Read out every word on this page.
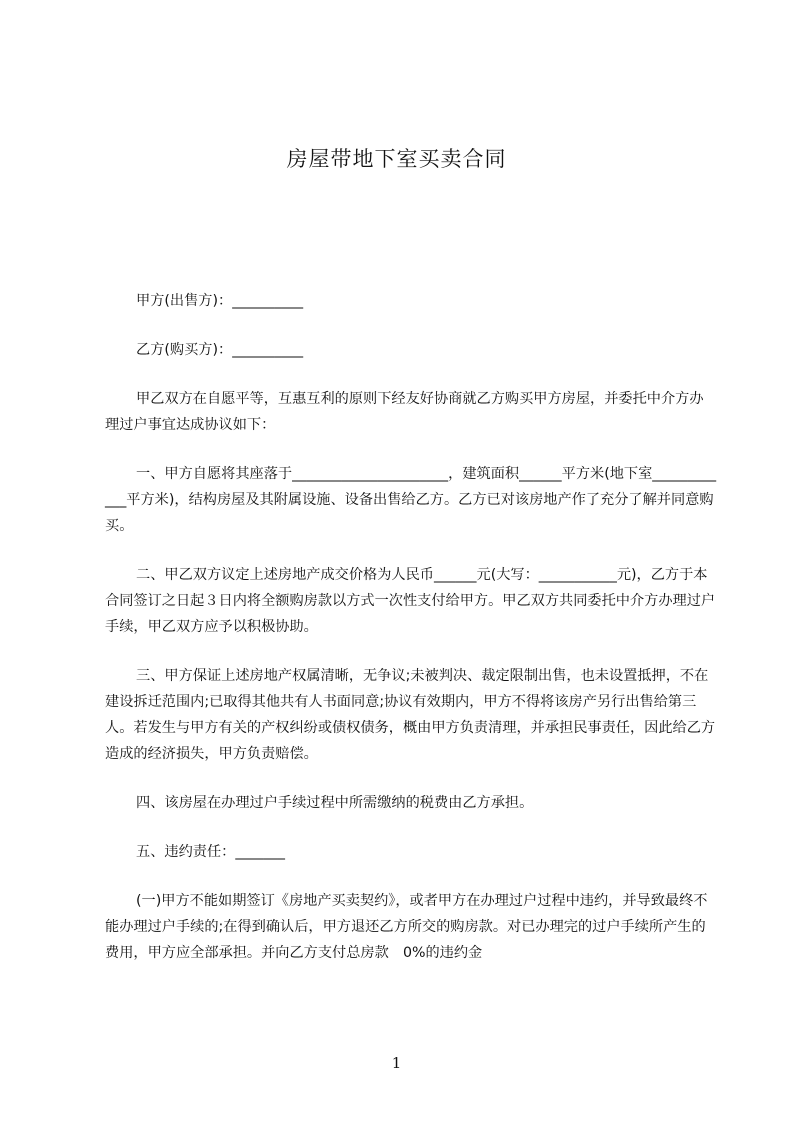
房屋带地下室买卖合同

甲方(出售方)：__________

乙方(购买方)：__________

甲乙双方在自愿平等，互惠互利的原则下经友好协商就乙方购买甲方房屋，并委托中介方办理过户事宜达成协议如下：

一、甲方自愿将其座落于______________________，建筑面积______平方米(地下室____________平方米)，结构房屋及其附属设施、设备出售给乙方。乙方已对该房地产作了充分了解并同意购买。

二、甲乙双方议定上述房地产成交价格为人民币______元(大写：___________元)，乙方于本合同签订之日起３日内将全额购房款以方式一次性支付给甲方。甲乙双方共同委托中介方办理过户手续，甲乙双方应予以积极协助。

三、甲方保证上述房地产权属清晰，无争议;未被判决、裁定限制出售，也未设置抵押，不在建设拆迁范围内;已取得其他共有人书面同意;协议有效期内，甲方不得将该房产另行出售给第三人。若发生与甲方有关的产权纠纷或债权债务，概由甲方负责清理，并承担民事责任，因此给乙方造成的经济损失，甲方负责赔偿。

四、该房屋在办理过户手续过程中所需缴纳的税费由乙方承担。

五、违约责任：_______

(一)甲方不能如期签订《房地产买卖契约》，或者甲方在办理过户过程中违约，并导致最终不能办理过户手续的;在得到确认后，甲方退还乙方所交的购房款。对已办理完的过户手续所产生的费用，甲方应全部承担。并向乙方支付总房款　0%的违约金

1
